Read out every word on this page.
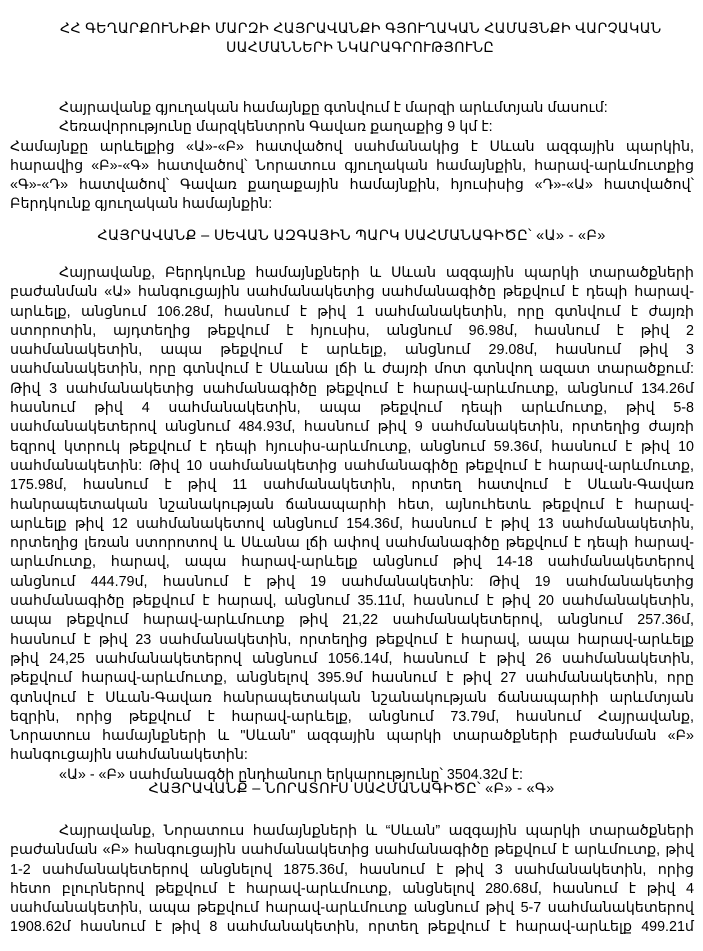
ՀՀ ԳԵՂԱՐՔՈՒՆԻՔԻ ՄԱՐԶԻ ՀԱՅՐԱՎԱՆՔԻ ԳՅՈՒՂԱԿԱՆ ՀԱՄԱՅՆՔԻ ՎԱՐՉԱԿԱՆ
ՍԱՀՄԱՆՆԵՐԻ ՆԿԱՐԱԳՐՈՒԹՅՈՒՆԸ
Հայրավանք գյուղական համայնքը գտնվում է մարզի արևմտյան մասում:
Հեռավորությունը մարզկենտրոն Գավառ քաղաքից 9 կմ է:
Համայնքը արևելքից «Ա»-«Բ» հատվածով սահմանակից է Սևան ազգային պարկին,
հարավից «Բ»-«Գ» հատվածով՝ Նորատուս գյուղական համայնքին, հարավ-արևմուտքից
«Գ»-«Դ» հատվածով՝ Գավառ քաղաքային համայնքին, հյուսիսից «Դ»-«Ա» հատվածով՝
Բերդկունք գյուղական համայնքին:
ՀԱՅՐԱՎԱՆՔ – ՍԵՎԱՆ ԱԶԳԱՅԻՆ ՊԱՐԿ ՍԱՀՄԱՆԱԳԻԾԸ՝ «Ա» - «Բ»
Հայրավանք, Բերդկունք համայնքների և Սևան ազգային պարկի տարածքների
բաժանման «Ա» հանգուցային սահմանակետից սահմանագիծը թեքվում է դեպի հարավ-
արևելք, անցնում 106.28մ, հասնում է թիվ 1 սահմանակետին, որը գտնվում է ժայռի
ստորոտին, այդտեղից թեքվում է հյուսիս, անցնում 96.98մ, հասնում է թիվ 2
սահմանակետին, ապա թեքվում է արևելք, անցնում 29.08մ, հասնում թիվ 3
սահմանակետին, որը գտնվում է Սևանա լճի և ժայռի մոտ գտնվող ազատ տարածքում:
Թիվ 3 սահմանակետից սահմանագիծը թեքվում է հարավ-արևմուտք, անցնում 134.26մ
հասնում թիվ 4 սահմանակետին, ապա թեքվում դեպի արևմուտք, թիվ 5-8
սահմանակետերով անցնում 484.93մ, հասնում թիվ 9 սահմանակետին, որտեղից ժայռի
եզրով կտրուկ թեքվում է դեպի հյուսիս-արևմուտք, անցնում 59.36մ, հասնում է թիվ 10
սահմանակետին: Թիվ 10 սահմանակետից սահմանագիծը թեքվում է հարավ-արևմուտք,
175.98մ, հասնում է թիվ 11 սահմանակետին, որտեղ հատվում է Սևան-Գավառ
հանրապետական նշանակության ճանապարհի հետ, այնուհետև թեքվում է հարավ-
արևելք թիվ 12 սահմանակետով անցնում 154.36մ, հասնում է թիվ 13 սահմանակետին,
որտեղից լեռան ստորոտով և Սևանա լճի ափով սահմանագիծը թեքվում է դեպի հարավ-
արևմուտք, հարավ, ապա հարավ-արևելք անցնում թիվ 14-18 սահմանակետերով
անցնում 444.79մ, հասնում է թիվ 19 սահմանակետին: Թիվ 19 սահմանակետից
սահմանագիծը թեքվում է հարավ, անցնում 35.11մ, հասնում է թիվ 20 սահմանակետին,
ապա թեքվում հարավ-արևմուտք թիվ 21,22 սահմանակետերով, անցնում 257.36մ,
հասնում է թիվ 23 սահմանակետին, որտեղից թեքվում է հարավ, ապա հարավ-արևելք
թիվ 24,25 սահմանակետերով անցնում 1056.14մ, հասնում է թիվ 26 սահմանակետին,
թեքվում հարավ-արևմուտք, անցնելով 395.9մ հասնում է թիվ 27 սահմանակետին, որը
գտնվում է Սևան-Գավառ հանրապետական նշանակության ճանապարհի արևմտյան
եզրին, որից թեքվում է հարավ-արևելք, անցնում 73.79մ, հասնում Հայրավանք,
Նորատուս համայնքների և "Սևան" ազգային պարկի տարածքների բաժանման «Բ»
հանգուցային սահմանակետին:
«Ա» - «Բ» սահմանագծի ընդհանուր երկարությունը՝ 3504.32մ է:
ՀԱՅՐԱՎԱՆՔ – ՆՈՐԱՏՈՒՍ ՍԱՀՄԱՆԱԳԻԾԸ՝ «Բ» - «Գ»
Հայրավանք, Նորատուս համայնքների և “Սևան” ազգային պարկի տարածքների
բաժանման «Բ» հանգուցային սահմանակետից սահմանագիծը թեքվում է արևմուտք, թիվ
1-2 սահմանակետերով անցնելով 1875.36մ, հասնում է թիվ 3 սահմանակետին, որից
հետո բլուրներով թեքվում է հարավ-արևմուտք, անցնելով 280.68մ, հասնում է թիվ 4
սահմանակետին, ապա թեքվում հարավ-արևմուտք անցնում թիվ 5-7 սահմանակետերով
1908.62մ հասնում է թիվ 8 սահմանակետին, որտեղ թեքվում է հարավ-արևելք 499.21մ
